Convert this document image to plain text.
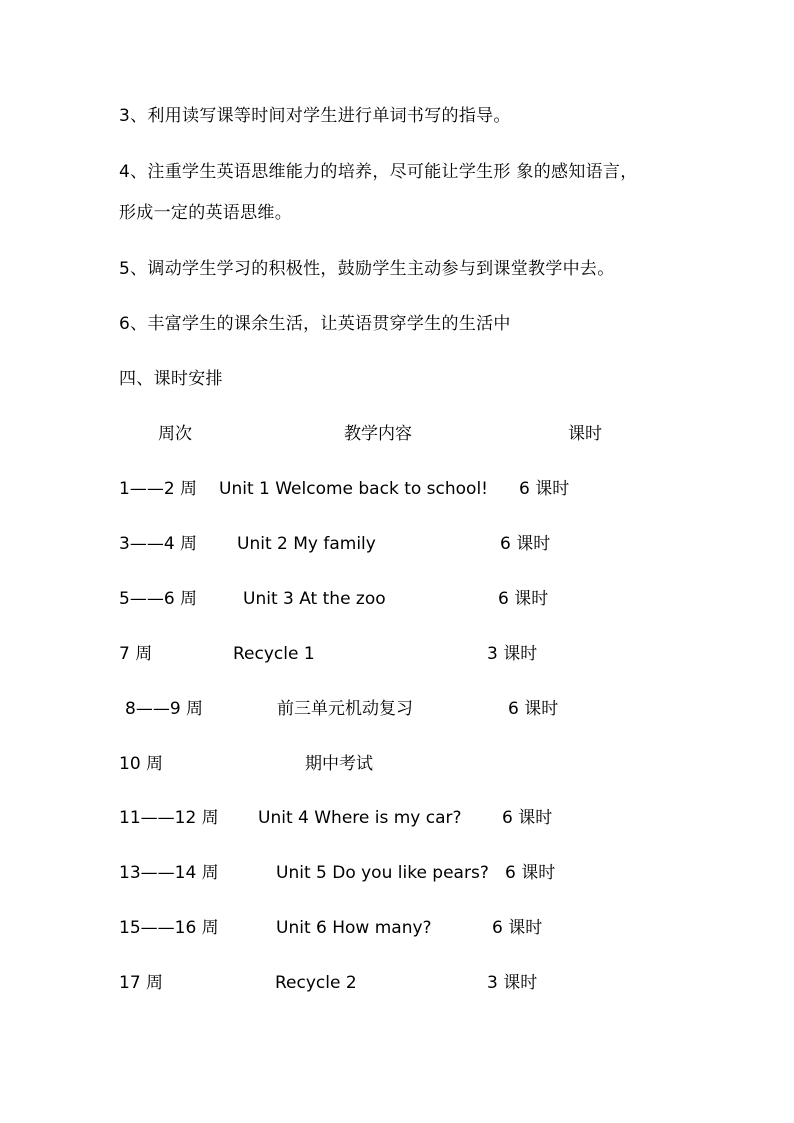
3、利用读写课等时间对学生进行单词书写的指导。
4、注重学生英语思维能力的培养，尽可能让学生形 象的感知语言，
形成一定的英语思维。
5、调动学生学习的积极性，鼓励学生主动参与到课堂教学中去。
6、丰富学生的课余生活，让英语贯穿学生的生活中
四、课时安排
周次	教学内容	课时
1——2 周 Unit 1 Welcome back to school! 6 课时
3——4 周 Unit 2 My family	6 课时
5——6 周	Unit 3 At the zoo	6 课时
7 周	Recycle 1	3 课时
8——9 周	前三单元机动复习	6 课时
10 周	期中考试
11——12 周 Unit 4 Where is my car? 6 课时
13——14 周	Unit 5 Do you like pears? 6 课时
15——16 周	Unit 6 How many?	6 课时
17 周	Recycle 2	3 课时
